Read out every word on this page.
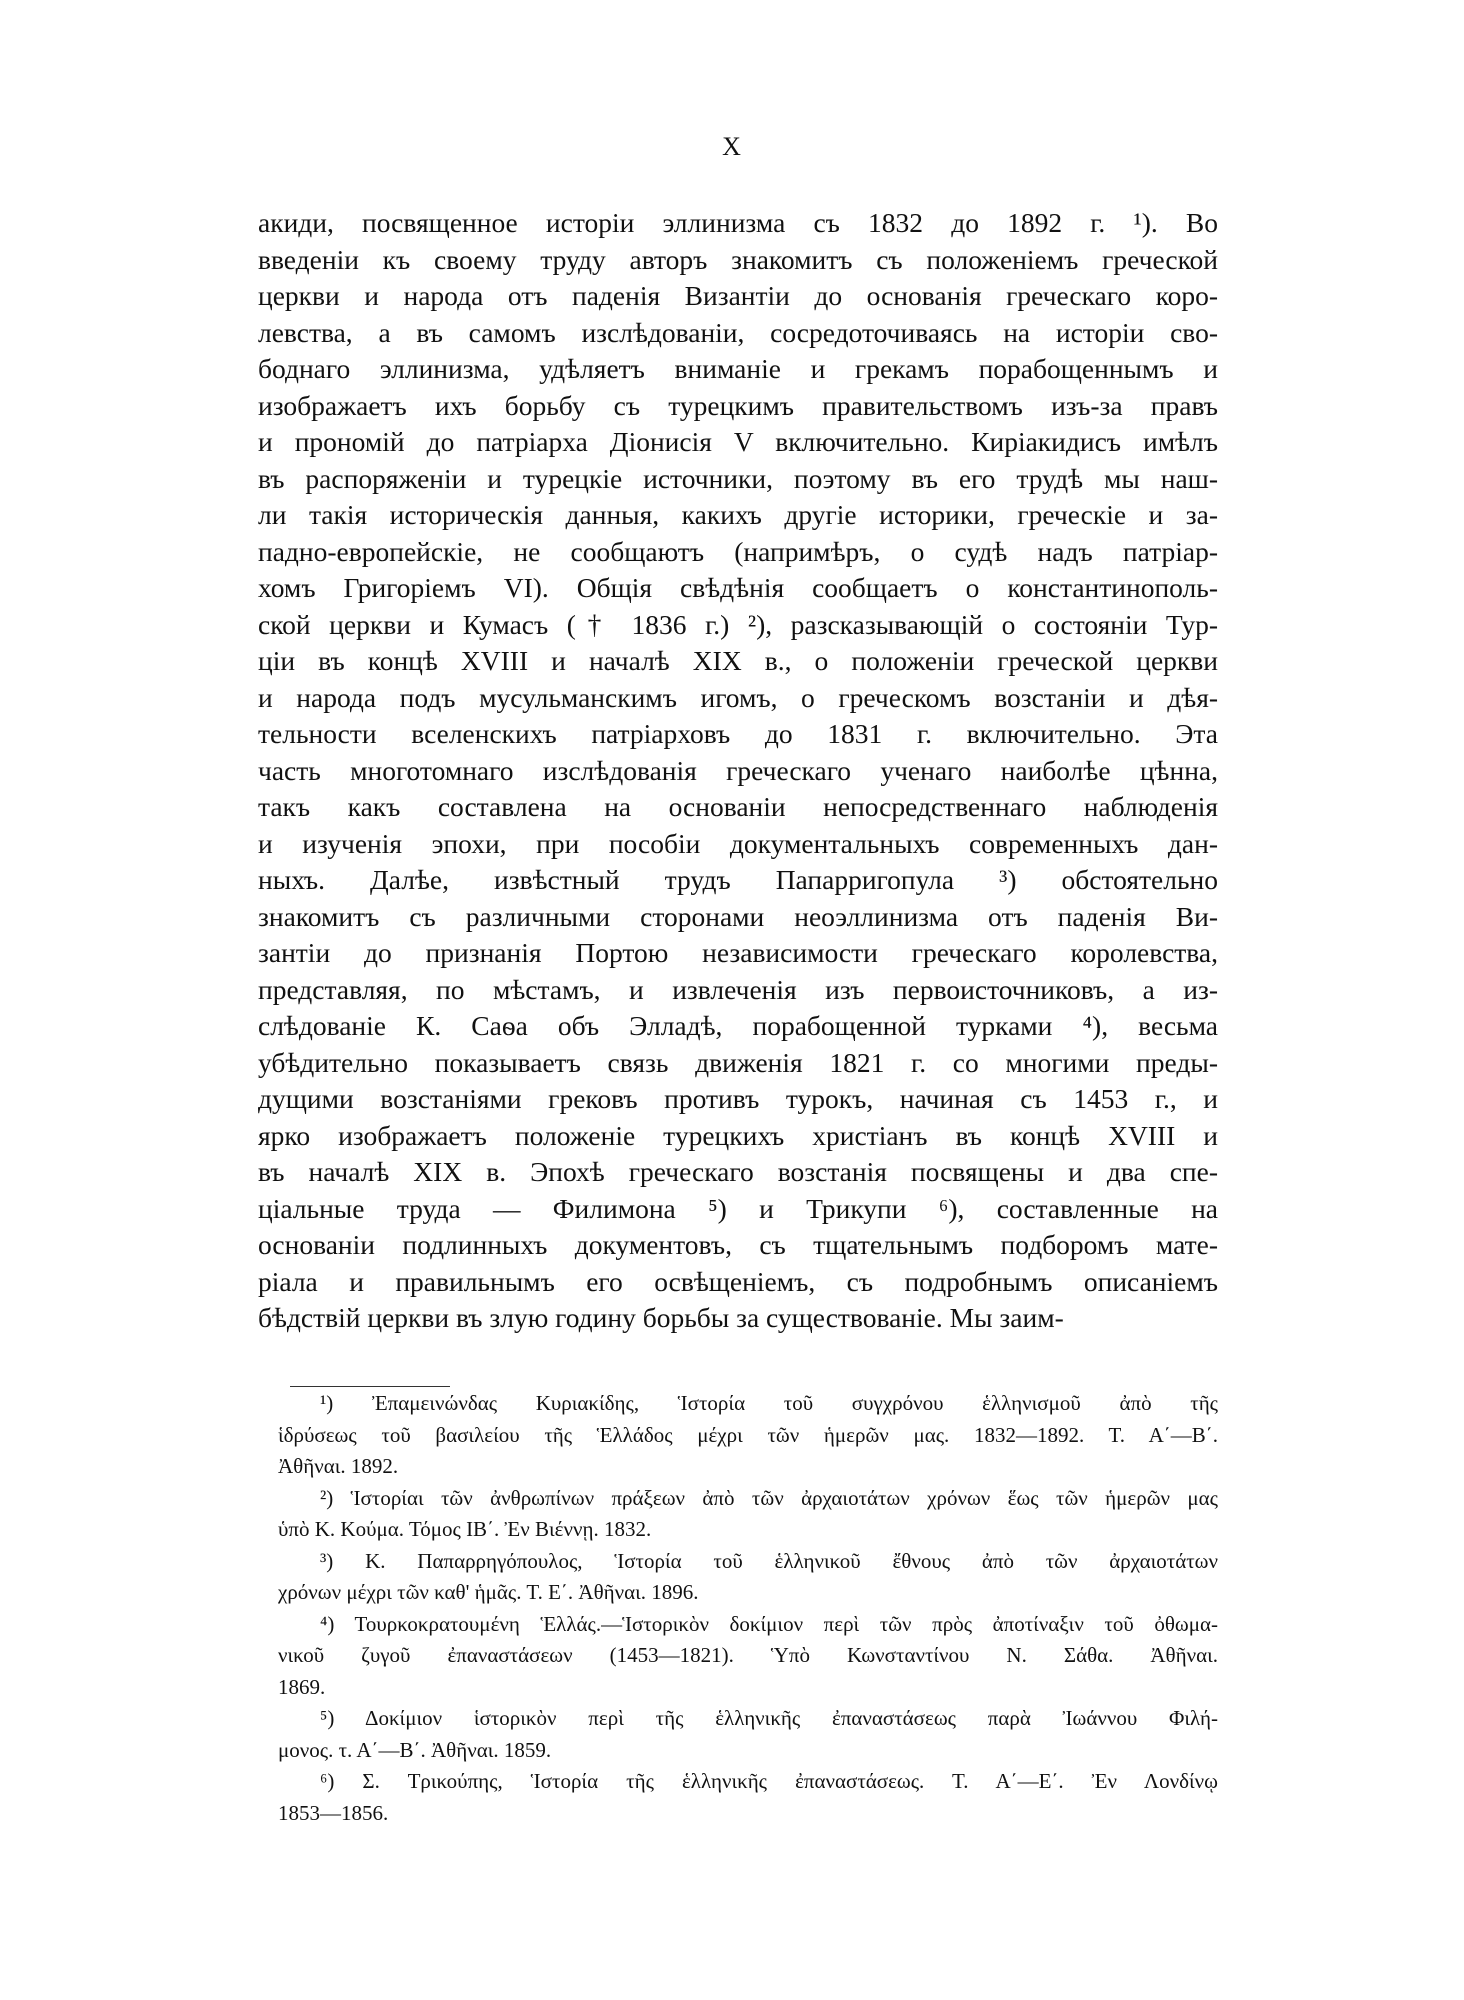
X
акиди, посвященное исторіи эллинизма съ 1832 до 1892 г. ¹). Во
введеніи къ своему труду авторъ знакомитъ съ положеніемъ греческой
церкви и народа отъ паденія Византіи до основанія греческаго коро-
левства, а въ самомъ изслѣдованіи, сосредоточиваясь на исторіи сво-
боднаго эллинизма, удѣляетъ вниманіе и грекамъ порабощеннымъ и
изображаетъ ихъ борьбу съ турецкимъ правительствомъ изъ-за правъ
и прономій до патріарха Діонисія V включительно. Киріакидисъ имѣлъ
въ распоряженіи и турецкіе источники, поэтому въ его трудѣ мы наш-
ли такія историческія данныя, какихъ другіе историки, греческіе и за-
падно-европейскіе, не сообщаютъ (напримѣръ, о судѣ надъ патріар-
хомъ Григоріемъ VI). Общія свѣдѣнія сообщаетъ о константинополь-
ской церкви и Кумасъ († 1836 г.) ²), разсказывающій о состояніи Тур-
ціи въ концѣ XVIII и началѣ XIX в., о положеніи греческой церкви
и народа подъ мусульманскимъ игомъ, о греческомъ возстаніи и дѣя-
тельности вселенскихъ патріарховъ до 1831 г. включительно. Эта
часть многотомнаго изслѣдованія греческаго ученаго наиболѣе цѣнна,
такъ какъ составлена на основаніи непосредственнаго наблюденія
и изученія эпохи, при пособіи документальныхъ современныхъ дан-
ныхъ. Далѣе, извѣстный трудъ Папарригопула ³) обстоятельно
знакомитъ съ различными сторонами неоэллинизма отъ паденія Ви-
зантіи до признанія Портою независимости греческаго королевства,
представляя, по мѣстамъ, и извлеченія изъ первоисточниковъ, а из-
слѣдованіе К. Саѳа объ Элладѣ, порабощенной турками ⁴), весьма
убѣдительно показываетъ связь движенія 1821 г. со многими преды-
дущими возстаніями грековъ противъ турокъ, начиная съ 1453 г., и
ярко изображаетъ положеніе турецкихъ христіанъ въ концѣ XVIII и
въ началѣ XIX в. Эпохѣ греческаго возстанія посвящены и два спе-
ціальные труда — Филимона ⁵) и Трикупи ⁶), составленные на
основаніи подлинныхъ документовъ, съ тщательнымъ подборомъ мате-
ріала и правильнымъ его освѣщеніемъ, съ подробнымъ описаніемъ
бѣдствій церкви въ злую годину борьбы за существованіе. Мы заим-
¹) Ἐπαμεινώνδας Κυριακίδης, Ἱστορία τοῦ συγχρόνου ἑλληνισμοῦ ἀπὸ τῆς
ἱδρύσεως τοῦ βασιλείου τῆς Ἑλλάδος μέχρι τῶν ἡμερῶν μας. 1832—1892. Τ. Α΄—Β΄.
Ἀθῆναι. 1892.
²) Ἱστορίαι τῶν ἀνθρωπίνων πράξεων ἀπὸ τῶν ἀρχαιοτάτων χρόνων ἕως τῶν ἡμερῶν μας
ὑπὸ Κ. Κούμα. Τόμος ΙΒ΄. Ἐν Βιέννῃ. 1832.
³) Κ. Παπαρρηγόπουλος, Ἱστορία τοῦ ἑλληνικοῦ ἔθνους ἀπὸ τῶν ἀρχαιοτάτων
χρόνων μέχρι τῶν καθ' ἡμᾶς. Τ. Ε΄. Ἀθῆναι. 1896.
⁴) Τουρκοκρατουμένη Ἑλλάς.—Ἱστορικὸν δοκίμιον περὶ τῶν πρὸς ἀποτίναξιν τοῦ ὀθωμα-
νικοῦ ζυγοῦ ἐπαναστάσεων (1453—1821). Ὑπὸ Κωνσταντίνου Ν. Σάθα. Ἀθῆναι.
1869.
⁵) Δοκίμιον ἱστορικὸν περὶ τῆς ἑλληνικῆς ἐπαναστάσεως παρὰ Ἰωάννου Φιλή-
μονος. τ. Α΄—Β΄. Ἀθῆναι. 1859.
⁶) Σ. Τρικούπης, Ἱστορία τῆς ἑλληνικῆς ἐπαναστάσεως. Τ. Α΄—Ε΄. Ἐν Λονδίνῳ
1853—1856.
